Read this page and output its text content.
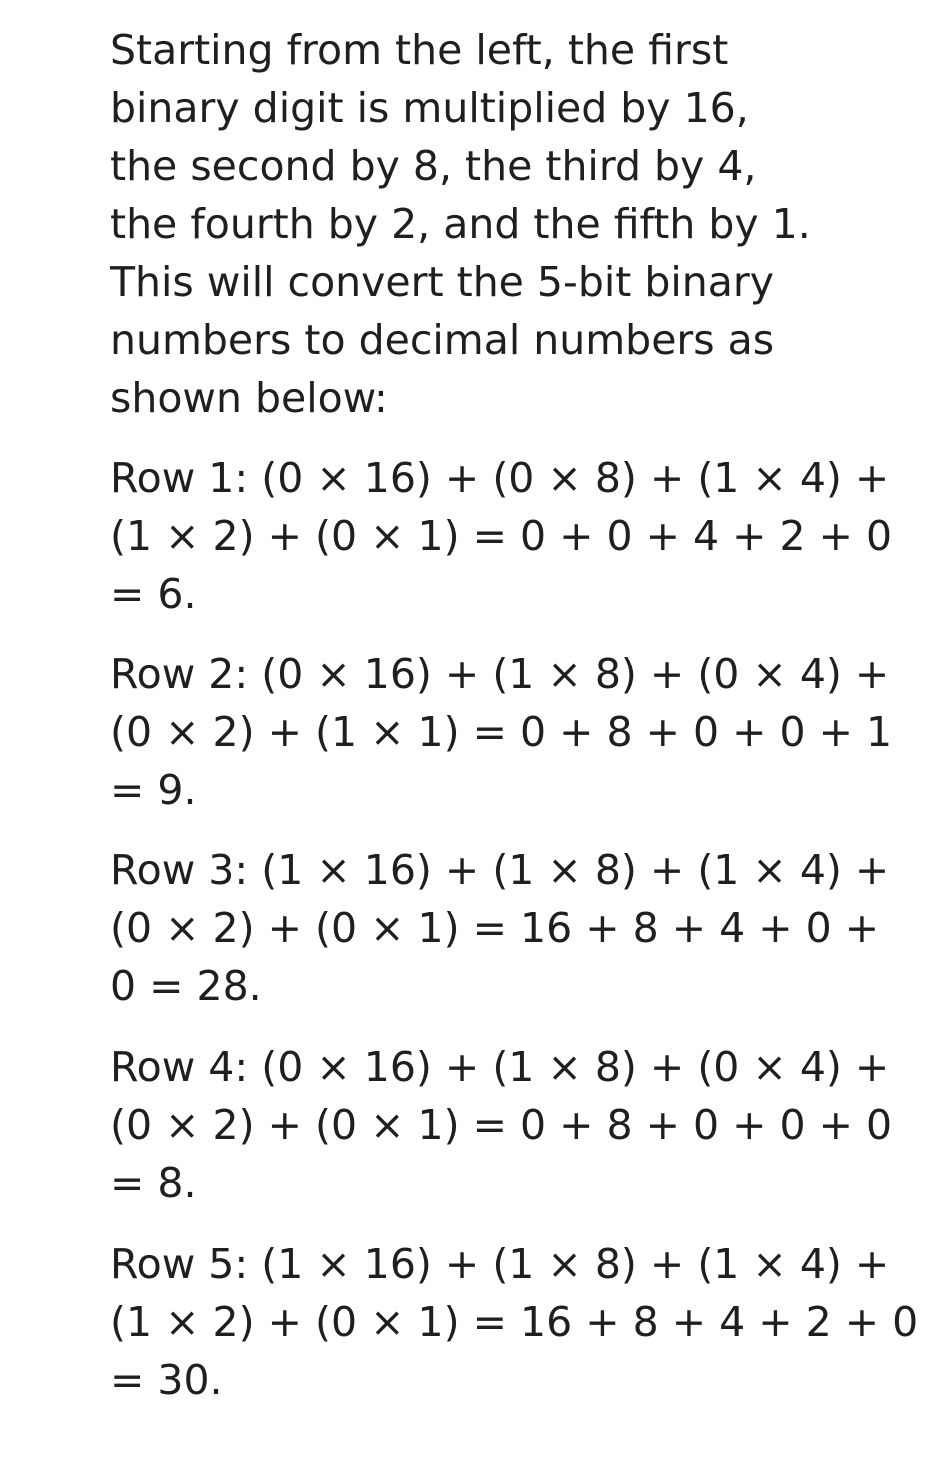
Starting from the left, the first
binary digit is multiplied by 16,
the second by 8, the third by 4,
the fourth by 2, and the fifth by 1.
This will convert the 5-bit binary
numbers to decimal numbers as
shown below:
Row 1: (0 × 16) + (0 × 8) + (1 × 4) +
(1 × 2) + (0 × 1) = 0 + 0 + 4 + 2 + 0
= 6.
Row 2: (0 × 16) + (1 × 8) + (0 × 4) +
(0 × 2) + (1 × 1) = 0 + 8 + 0 + 0 + 1
= 9.
Row 3: (1 × 16) + (1 × 8) + (1 × 4) +
(0 × 2) + (0 × 1) = 16 + 8 + 4 + 0 +
0 = 28.
Row 4: (0 × 16) + (1 × 8) + (0 × 4) +
(0 × 2) + (0 × 1) = 0 + 8 + 0 + 0 + 0
= 8.
Row 5: (1 × 16) + (1 × 8) + (1 × 4) +
(1 × 2) + (0 × 1) = 16 + 8 + 4 + 2 + 0
= 30.
